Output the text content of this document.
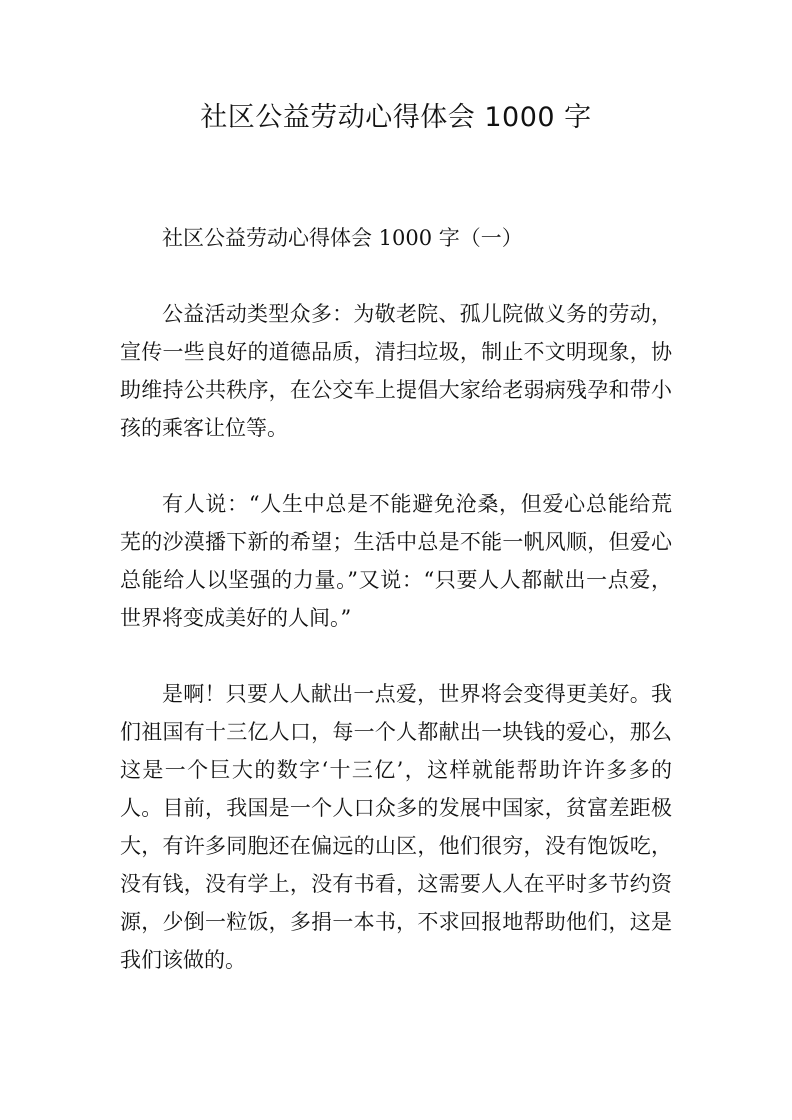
社区公益劳动心得体会 1000 字

社区公益劳动心得体会 1000 字（一）

公益活动类型众多：为敬老院、孤儿院做义务的劳动，宣传一些良好的道德品质，清扫垃圾，制止不文明现象，协助维持公共秩序，在公交车上提倡大家给老弱病残孕和带小孩的乘客让位等。

有人说：“人生中总是不能避免沧桑，但爱心总能给荒芜的沙漠播下新的希望；生活中总是不能一帆风顺，但爱心总能给人以坚强的力量。”又说：“只要人人都献出一点爱，世界将变成美好的人间。”

是啊！只要人人献出一点爱，世界将会变得更美好。我们祖国有十三亿人口，每一个人都献出一块钱的爱心，那么这是一个巨大的数字‘十三亿’，这样就能帮助许许多多的人。目前，我国是一个人口众多的发展中国家，贫富差距极大，有许多同胞还在偏远的山区，他们很穷，没有饱饭吃，没有钱，没有学上，没有书看，这需要人人在平时多节约资源，少倒一粒饭，多捐一本书，不求回报地帮助他们，这是我们该做的。
